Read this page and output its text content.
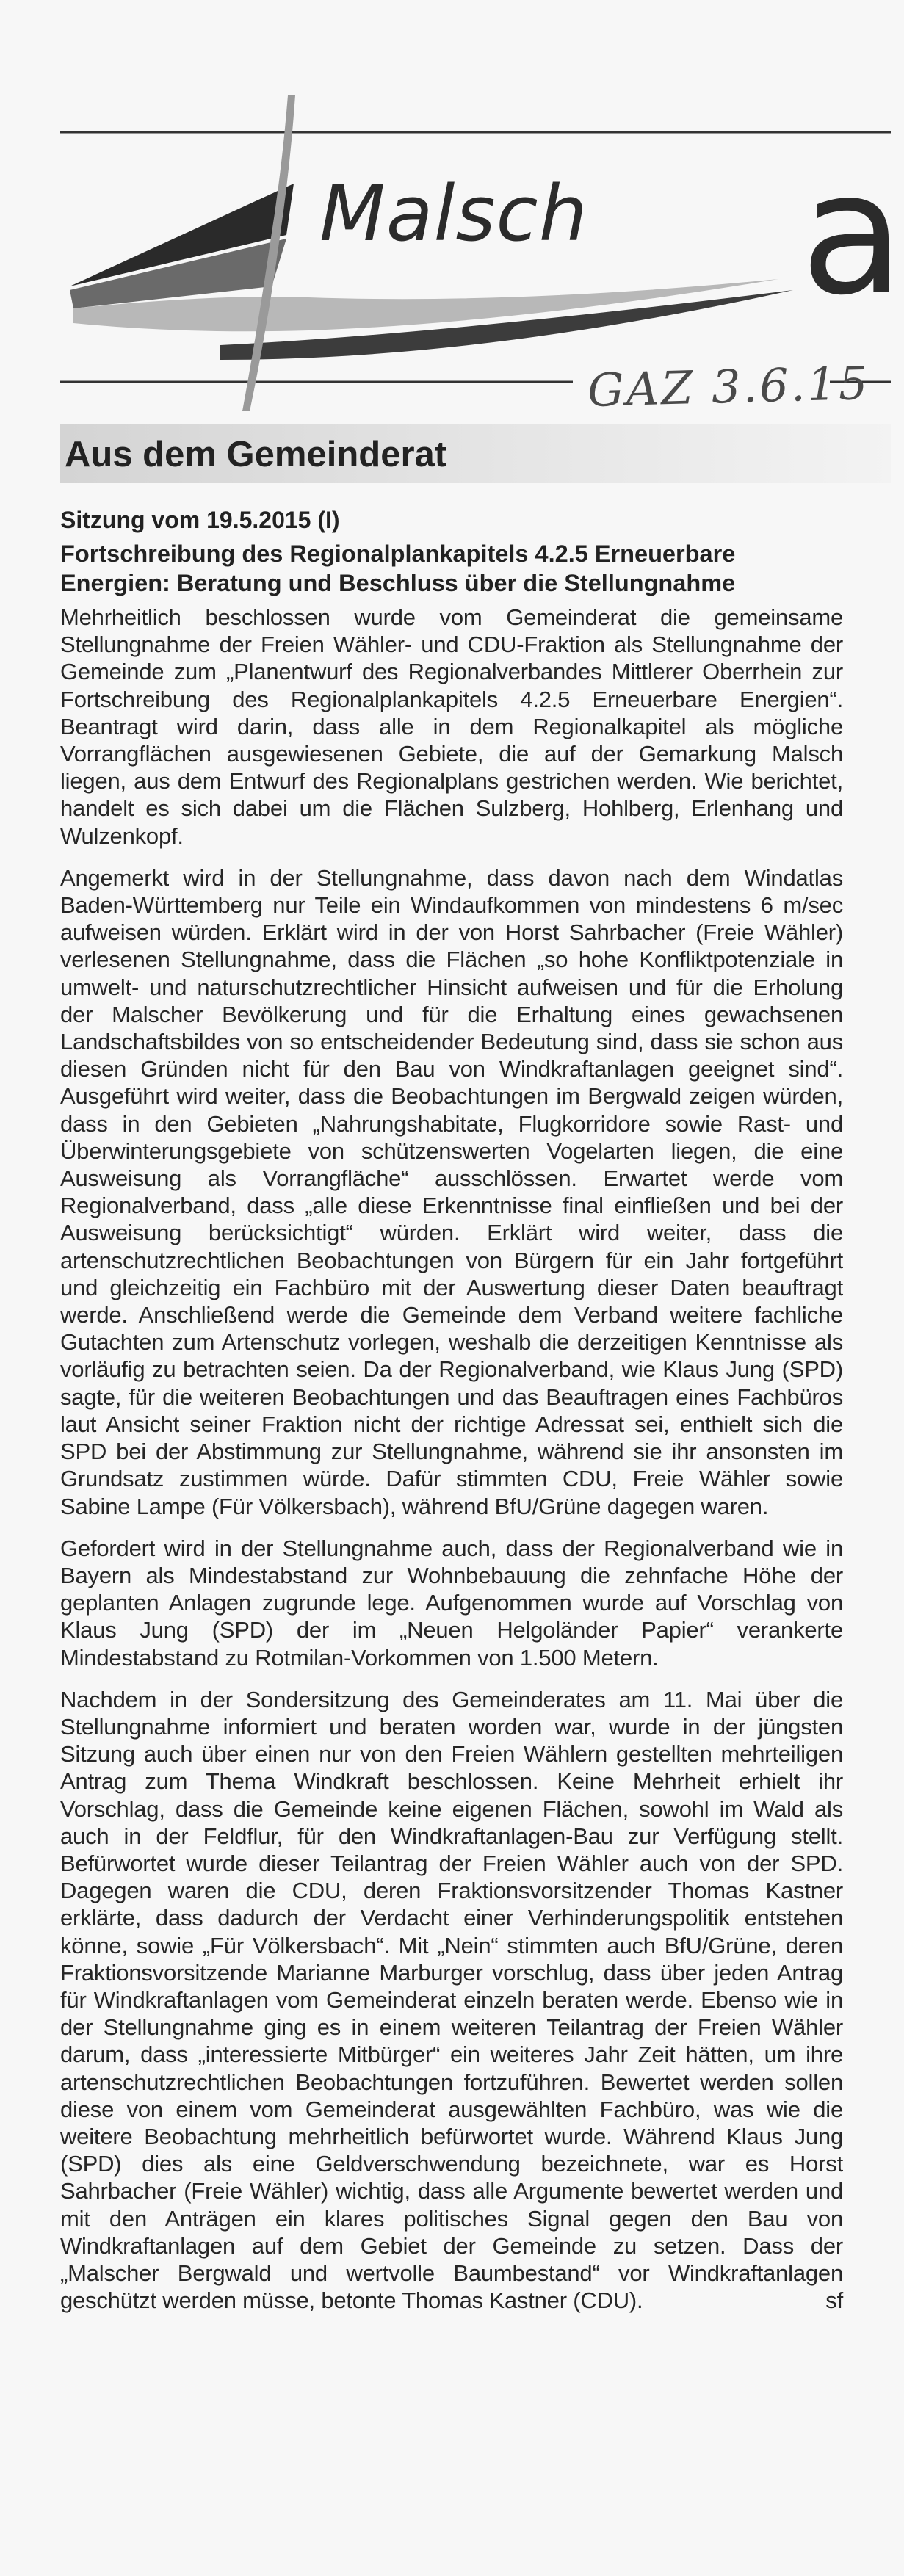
Malsch a
GAZ 3.6.15
Aus dem Gemeinderat
Sitzung vom 19.5.2015 (I)
Fortschreibung des Regionalplankapitels 4.2.5 Erneuerbare Energien: Beratung und Beschluss über die Stellungnahme

Mehrheitlich beschlossen wurde vom Gemeinderat die gemeinsame Stellungnahme der Freien Wähler- und CDU-Fraktion als Stellungnahme der Gemeinde zum „Planentwurf des Regionalverbandes Mittlerer Oberrhein zur Fortschreibung des Regionalplankapitels 4.2.5 Erneuerbare Energien“. Beantragt wird darin, dass alle in dem Regionalkapitel als mögliche Vorrangflächen ausgewiesenen Gebiete, die auf der Gemarkung Malsch liegen, aus dem Entwurf des Regionalplans gestrichen werden. Wie berichtet, handelt es sich dabei um die Flächen Sulzberg, Hohlberg, Erlenhang und Wulzenkopf.

Angemerkt wird in der Stellungnahme, dass davon nach dem Windatlas Baden-Württemberg nur Teile ein Windaufkommen von mindestens 6 m/sec aufweisen würden. Erklärt wird in der von Horst Sahrbacher (Freie Wähler) verlesenen Stellungnahme, dass die Flächen „so hohe Konfliktpotenziale in umwelt- und naturschutzrechtlicher Hinsicht aufweisen und für die Erholung der Malscher Bevölkerung und für die Erhaltung eines gewachsenen Landschaftsbildes von so entscheidender Bedeutung sind, dass sie schon aus diesen Gründen nicht für den Bau von Windkraftanlagen geeignet sind“. Ausgeführt wird weiter, dass die Beobachtungen im Bergwald zeigen würden, dass in den Gebieten „Nahrungshabitate, Flugkorridore sowie Rast- und Überwinterungsgebiete von schützenswerten Vogelarten liegen, die eine Ausweisung als Vorrangfläche“ ausschlössen. Erwartet werde vom Regionalverband, dass „alle diese Erkenntnisse final einfließen und bei der Ausweisung berücksichtigt“ würden. Erklärt wird weiter, dass die artenschutzrechtlichen Beobachtungen von Bürgern für ein Jahr fortgeführt und gleichzeitig ein Fachbüro mit der Auswertung dieser Daten beauftragt werde. Anschließend werde die Gemeinde dem Verband weitere fachliche Gutachten zum Artenschutz vorlegen, weshalb die derzeitigen Kenntnisse als vorläufig zu betrachten seien. Da der Regionalverband, wie Klaus Jung (SPD) sagte, für die weiteren Beobachtungen und das Beauftragen eines Fachbüros laut Ansicht seiner Fraktion nicht der richtige Adressat sei, enthielt sich die SPD bei der Abstimmung zur Stellungnahme, während sie ihr ansonsten im Grundsatz zustimmen würde. Dafür stimmten CDU, Freie Wähler sowie Sabine Lampe (Für Völkersbach), während BfU/Grüne dagegen waren.

Gefordert wird in der Stellungnahme auch, dass der Regionalverband wie in Bayern als Mindestabstand zur Wohnbebauung die zehnfache Höhe der geplanten Anlagen zugrunde lege. Aufgenommen wurde auf Vorschlag von Klaus Jung (SPD) der im „Neuen Helgoländer Papier“ verankerte Mindestabstand zu Rotmilan-Vorkommen von 1.500 Metern.

Nachdem in der Sondersitzung des Gemeinderates am 11. Mai über die Stellungnahme informiert und beraten worden war, wurde in der jüngsten Sitzung auch über einen nur von den Freien Wählern gestellten mehrteiligen Antrag zum Thema Windkraft beschlossen. Keine Mehrheit erhielt ihr Vorschlag, dass die Gemeinde keine eigenen Flächen, sowohl im Wald als auch in der Feldflur, für den Windkraftanlagen-Bau zur Verfügung stellt. Befürwortet wurde dieser Teilantrag der Freien Wähler auch von der SPD. Dagegen waren die CDU, deren Fraktionsvorsitzender Thomas Kastner erklärte, dass dadurch der Verdacht einer Verhinderungspolitik entstehen könne, sowie „Für Völkersbach“. Mit „Nein“ stimmten auch BfU/Grüne, deren Fraktionsvorsitzende Marianne Marburger vorschlug, dass über jeden Antrag für Windkraftanlagen vom Gemeinderat einzeln beraten werde. Ebenso wie in der Stellungnahme ging es in einem weiteren Teilantrag der Freien Wähler darum, dass „interessierte Mitbürger“ ein weiteres Jahr Zeit hätten, um ihre artenschutzrechtlichen Beobachtungen fortzuführen. Bewertet werden sollen diese von einem vom Gemeinderat ausgewählten Fachbüro, was wie die weitere Beobachtung mehrheitlich befürwortet wurde. Während Klaus Jung (SPD) dies als eine Geldverschwendung bezeichnete, war es Horst Sahrbacher (Freie Wähler) wichtig, dass alle Argumente bewertet werden und mit den Anträgen ein klares politisches Signal gegen den Bau von Windkraftanlagen auf dem Gebiet der Gemeinde zu setzen. Dass der „Malscher Bergwald und wertvolle Baumbestand“ vor Windkraftanlagen geschützt werden müsse, betonte Thomas Kastner (CDU).	sf
